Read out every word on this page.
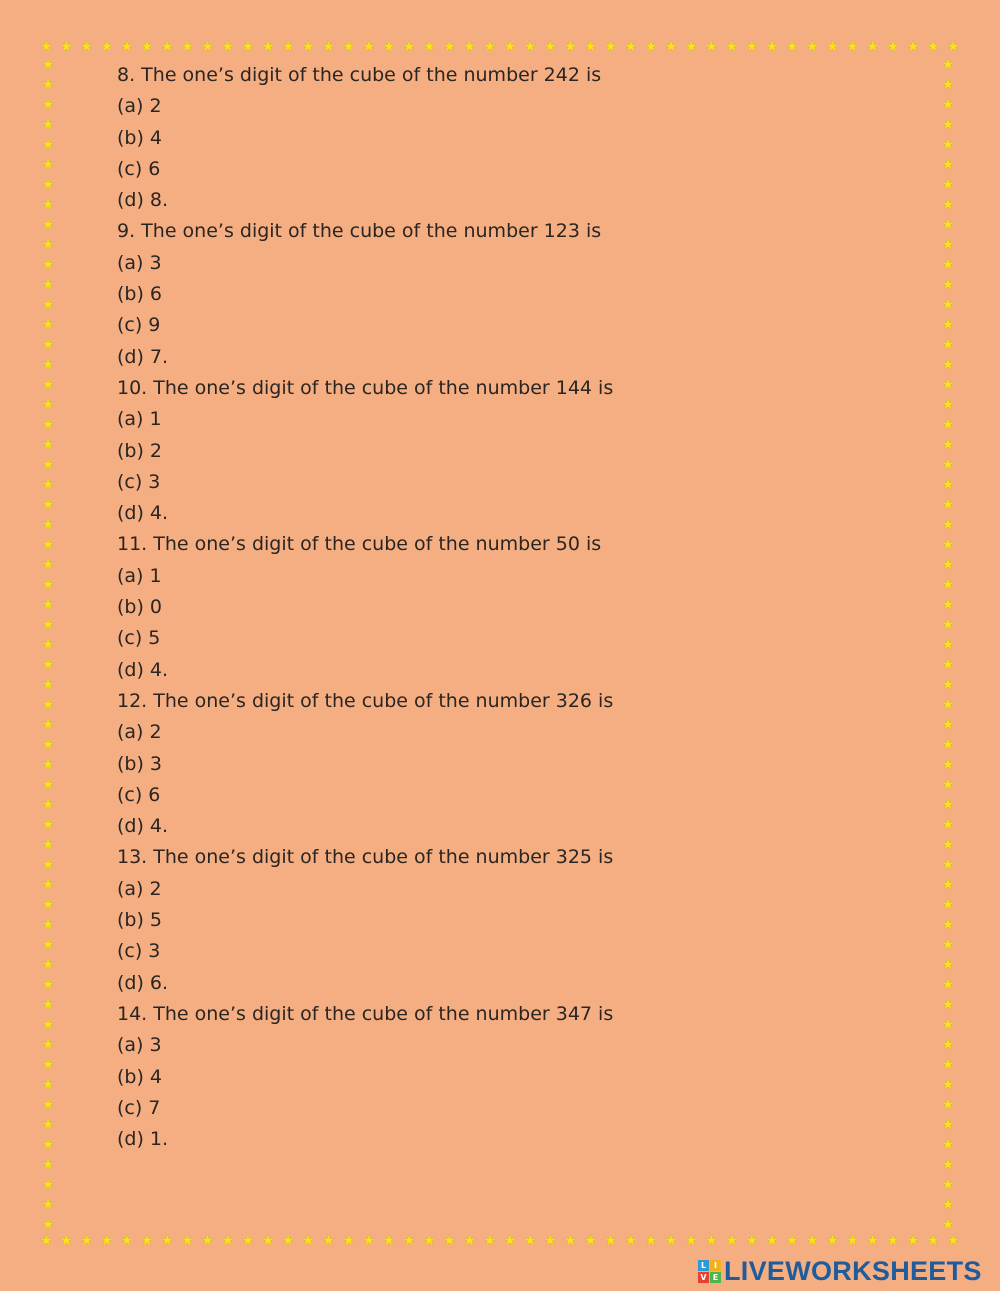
★ ★ ★ ★ ★ ★ ★ ★ ★ ★ ★ ★ ★ ★ ★ ★ ★ ★ ★ ★ ★ ★ ★ ★ ★ ★ ★ ★ ★ ★ ★ ★ ★ ★ ★ ★ ★ ★ ★ ★ ★ ★ ★ ★ ★ ★
★ ★ ★ ★ ★ ★ ★ ★ ★ ★ ★ ★ ★ ★ ★ ★ ★ ★ ★ ★ ★ ★ ★ ★ ★ ★ ★ ★ ★ ★ ★ ★ ★ ★ ★ ★ ★ ★ ★ ★ ★ ★ ★ ★ ★ ★
★
★
★
★
★
★
★
★
★
★
★
★
★
★
★
★
★
★
★
★
★
★
★
★
★
★
★
★
★
★
★
★
★
★
★
★
★
★
★
★
★
★
★
★
★
★
★
★
★
★
★
★
★
★
★
★
★
★
★
★
★
★
★
★
★
★
★
★
★
★
★
★
★
★
★
★
★
★
★
★
★
★
★
★
★
★
★
★
★
★
★
★
★
★
★
★
★
★
★
★
★
★
★
★
★
★
★
★
★
★
★
★
★
★
★
★
★
★
8. The one’s digit of the cube of the number 242 is
(a) 2
(b) 4
(c) 6
(d) 8.
9. The one’s digit of the cube of the number 123 is
(a) 3
(b) 6
(c) 9
(d) 7.
10. The one’s digit of the cube of the number 144 is
(a) 1
(b) 2
(c) 3
(d) 4.
11. The one’s digit of the cube of the number 50 is
(a) 1
(b) 0
(c) 5
(d) 4.
12. The one’s digit of the cube of the number 326 is
(a) 2
(b) 3
(c) 6
(d) 4.
13. The one’s digit of the cube of the number 325 is
(a) 2
(b) 5
(c) 3
(d) 6.
14. The one’s digit of the cube of the number 347 is
(a) 3
(b) 4
(c) 7
(d) 1.
L I
V E LIVEWORKSHEETS
